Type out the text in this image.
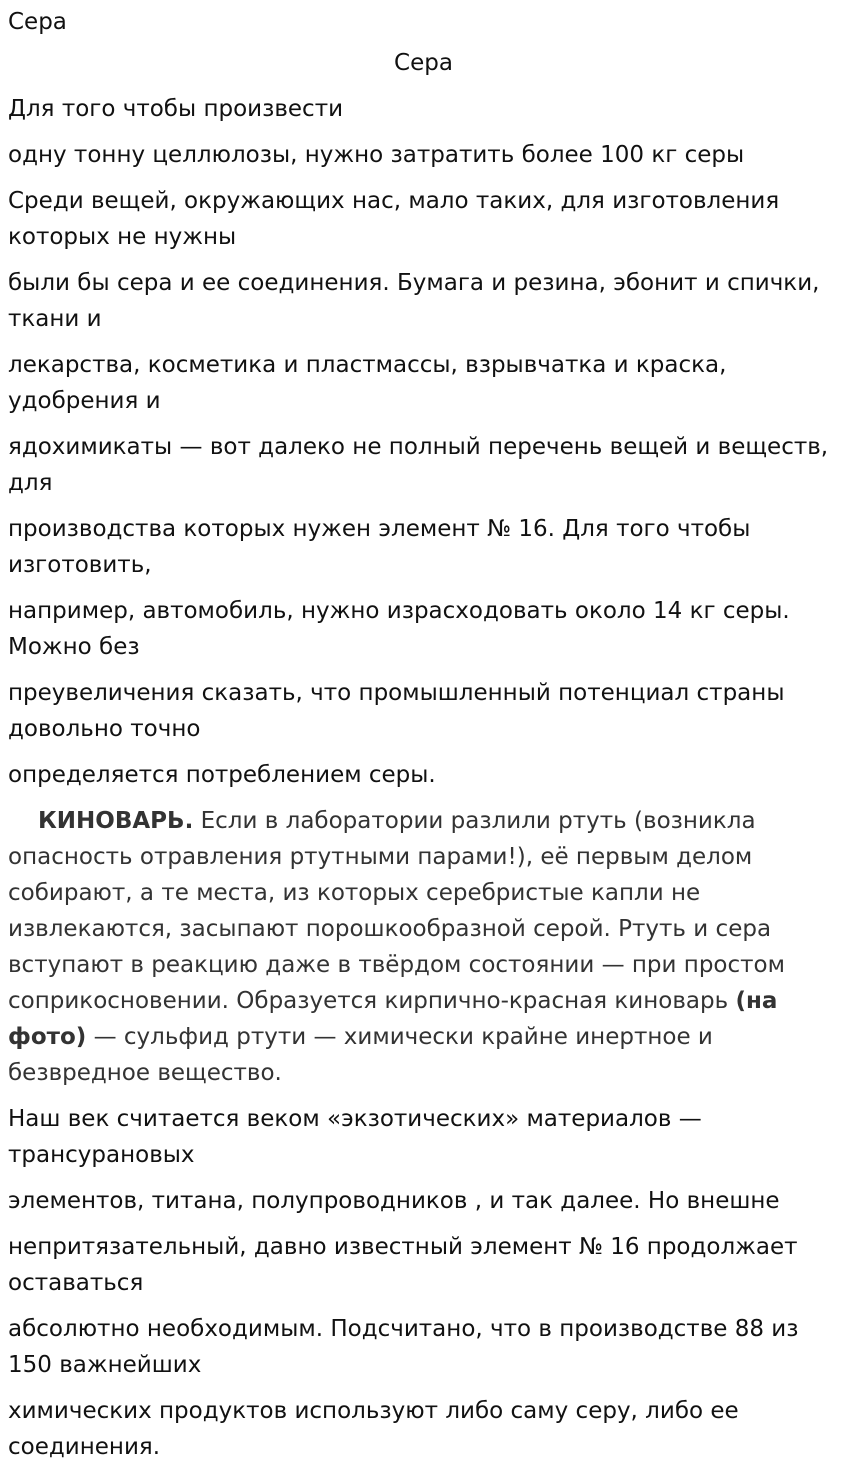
Сера
Сера

Для того чтобы произвести

одну тонну целлюлозы, нужно затратить более 100 кг серы

Среди вещей, окружающих нас, мало таких, для изготовления которых не нужны

были бы сера и ее соединения. Бумага и резина, эбонит и спички, ткани и

лекарства, косметика и пластмассы, взрывчатка и краска, удобрения и

ядохимикаты — вот далеко не полный перечень вещей и веществ, для

производства которых нужен элемент № 16. Для того чтобы изготовить,

например, автомобиль, нужно израсходовать около 14 кг серы. Можно без

преувеличения сказать, что промышленный потенциал страны довольно точно

определяется потреблением серы.

КИНОВАРЬ. Если в лаборатории разлили ртуть (возникла опасность отравления ртутными парами!), её первым делом собирают, а те места, из которых серебристые капли не извлекаются, засыпают порошкообразной серой. Ртуть и сера вступают в реакцию даже в твёрдом состоянии — при простом соприкосновении. Образуется кирпично-красная киноварь (на фото) — сульфид ртути — химически крайне инертное и безвредное вещество.

Наш век считается веком «экзотических» материалов — трансурановых

элементов, титана, полупроводников , и так далее. Но внешне

непритязательный, давно известный элемент № 16 продолжает оставаться

абсолютно необходимым. Подсчитано, что в производстве 88 из 150 важнейших

химических продуктов используют либо саму серу, либо ее соединения.
